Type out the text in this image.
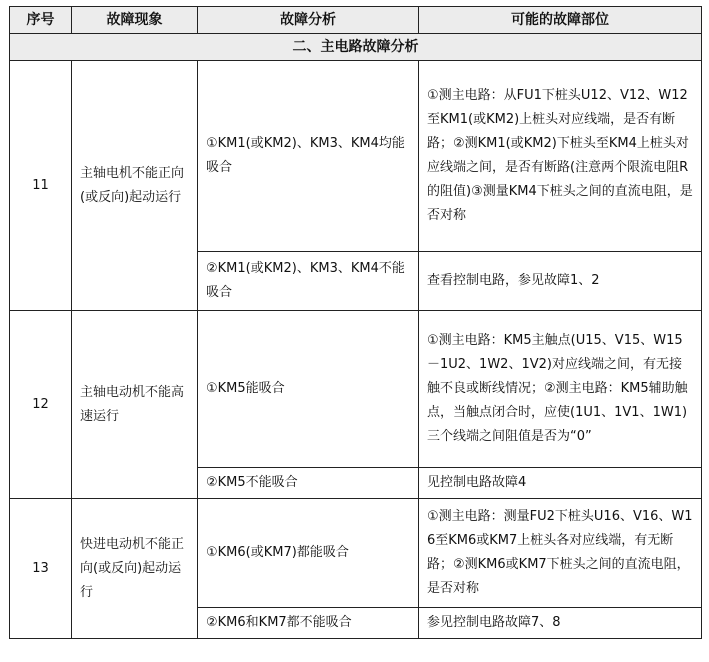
序号	故障现象	故障分析	可能的故障部位
二、主电路故障分析			
11	主轴电机不能正向(或反向)起动运行	①KM1(或KM2)、KM3、KM4均能吸合	①测主电路：从FU1下桩头U12、V12、W12至KM1(或KM2)上桩头对应线端，是否有断路；②测KM1(或KM2)下桩头至KM4上桩头对应线端之间，是否有断路(注意两个限流电阻R的阻值)③测量KM4下桩头之间的直流电阻，是否对称
		②KM1(或KM2)、KM3、KM4不能吸合	查看控制电路，参见故障1、2
12	主轴电动机不能高速运行	①KM5能吸合	①测主电路：KM5主触点(U15、V15、W15－1U2、1W2、1V2)对应线端之间，有无接触不良或断线情况；②测主电路：KM5辅助触点，当触点闭合时，应使(1U1、1V1、1W1)三个线端之间阻值是否为“0”
		②KM5不能吸合	见控制电路故障4
13	快进电动机不能正向(或反向)起动运行	①KM6(或KM7)都能吸合	①测主电路：测量FU2下桩头U16、V16、W16至KM6或KM7上桩头各对应线端，有无断路；②测KM6或KM7下桩头之间的直流电阻，是否对称
		②KM6和KM7都不能吸合	参见控制电路故障7、8
